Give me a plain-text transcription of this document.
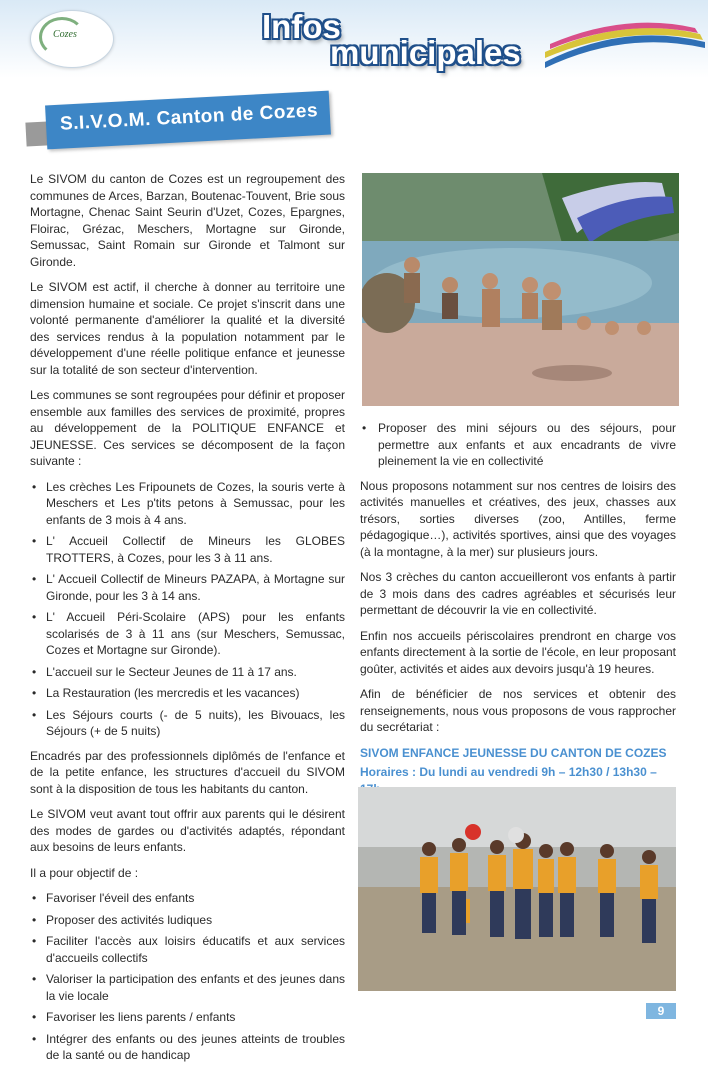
Cozes	Infos
municipales
S.I.V.O.M. Canton de Cozes

Le SIVOM du canton de Cozes est un regroupement des communes de Arces, Barzan, Boutenac-Touvent, Brie sous Mortagne, Chenac Saint Seurin d'Uzet, Cozes, Epargnes, Floirac, Grézac, Meschers, Mortagne sur Gironde, Semussac, Saint Romain sur Gironde et Talmont sur Gironde.

Le SIVOM est actif, il cherche à donner au territoire une dimension humaine et sociale. Ce projet s'inscrit dans une volonté permanente d'améliorer la qualité et la diversité des services rendus à la population notamment par le développement d'une réelle politique enfance et jeunesse sur la totalité de son secteur d'intervention.

Les communes se sont regroupées pour définir et proposer ensemble aux familles des services de proximité, propres au développement de la POLITIQUE ENFANCE et JEUNESSE. Ces services se décomposent de la façon suivante :

• Les crèches Les Fripounets de Cozes, la souris verte à Meschers et Les p'tits petons à Semussac, pour les enfants de 3 mois à 4 ans.
• L' Accueil Collectif de Mineurs les GLOBES TROTTERS, à Cozes, pour les 3 à 11 ans.
• L' Accueil Collectif de Mineurs PAZAPA, à Mortagne sur Gironde, pour les 3 à 14 ans.
• L' Accueil Péri-Scolaire (APS) pour les enfants scolarisés de 3 à 11 ans (sur Meschers, Semussac, Cozes et Mortagne sur Gironde).
• L'accueil sur le Secteur Jeunes de 11 à 17 ans.
• La Restauration (les mercredis et les vacances)
• Les Séjours courts (- de 5 nuits), les Bivouacs, les Séjours (+ de 5 nuits)

Encadrés par des professionnels diplômés de l'enfance et de la petite enfance, les structures d'accueil du SIVOM sont à la disposition de tous les habitants du canton.

Le SIVOM veut avant tout offrir aux parents qui le désirent des modes de gardes ou d'activités adaptés, répondant aux besoins de leurs enfants.

Il a pour objectif de :

• Favoriser l'éveil des enfants
• Proposer des activités ludiques
• Faciliter l'accès aux loisirs éducatifs et aux services d'accueils collectifs
• Valoriser la participation des enfants et des jeunes dans la vie locale
• Favoriser les liens parents / enfants
• Intégrer des enfants ou des jeunes atteints de troubles de la santé ou de handicap
• Proposer des mini séjours ou des séjours, pour permettre aux enfants et aux encadrants de vivre pleinement la vie en collectivité

Nous proposons notamment sur nos centres de loisirs des activités manuelles et créatives, des jeux, chasses aux trésors, sorties diverses (zoo, Antilles, ferme pédagogique…), activités sportives, ainsi que des voyages (à la montagne, à la mer) sur plusieurs jours.

Nos 3 crèches du canton accueilleront vos enfants à partir de 3 mois dans des cadres agréables et sécurisés leur permettant de découvrir la vie en collectivité.

Enfin nos accueils périscolaires prendront en charge vos enfants directement à la sortie de l'école, en leur proposant goûter, activités et aides aux devoirs jusqu'à 19 heures.

Afin de bénéficier de nos services et obtenir des renseignements, nous vous proposons de vous rapprocher du secrétariat :

SIVOM ENFANCE JEUNESSE DU CANTON DE COZES
Horaires : Du lundi au vendredi 9h – 12h30 / 13h30 –
9
